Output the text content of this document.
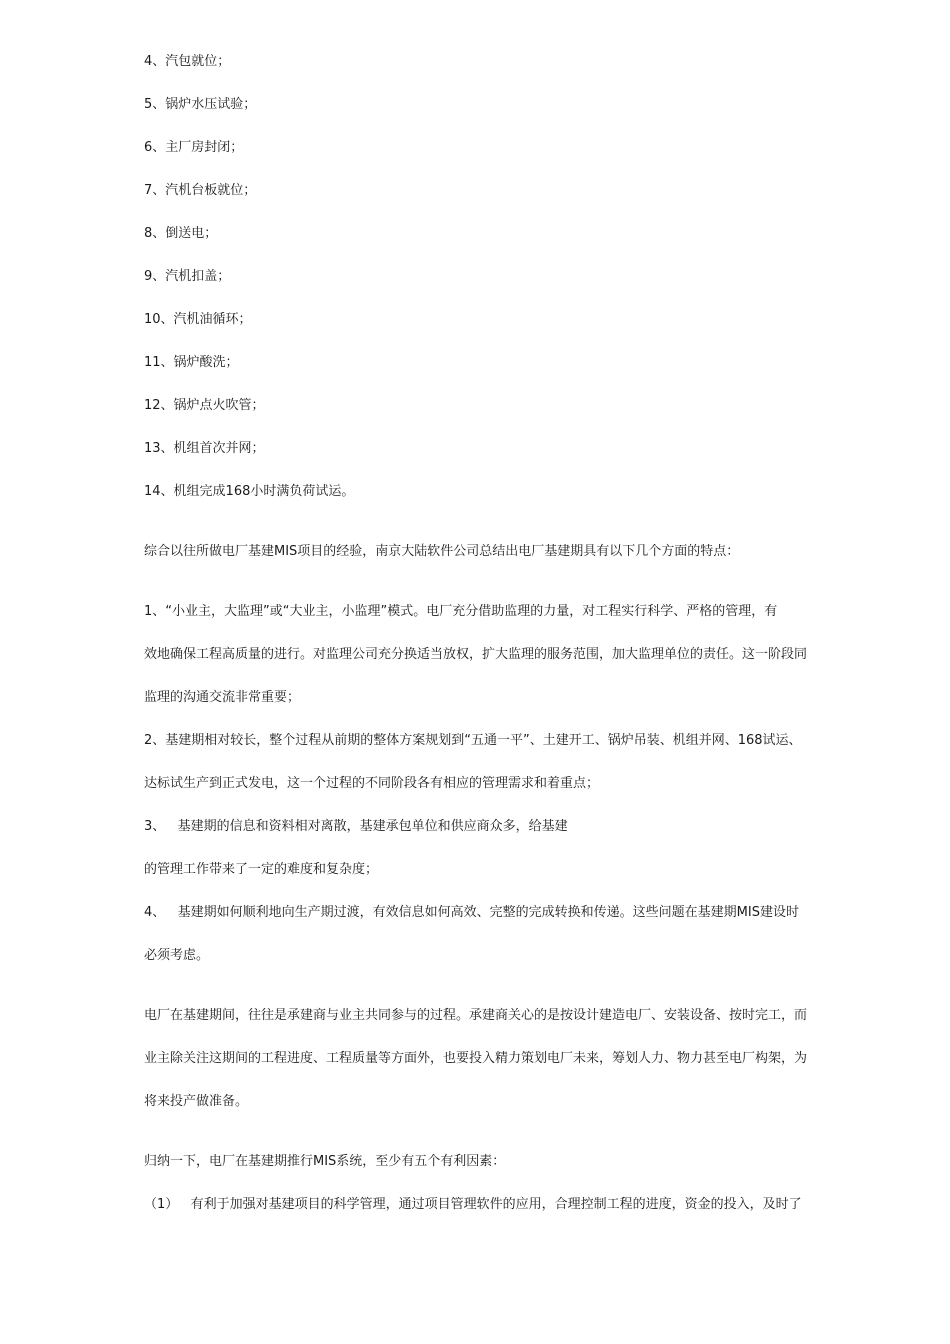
4、汽包就位；
5、锅炉水压试验；
6、主厂房封闭；
7、汽机台板就位；
8、倒送电；
9、汽机扣盖；
10、汽机油循环；
11、锅炉酸洗；
12、锅炉点火吹管；
13、机组首次并网；
14、机组完成168小时满负荷试运。
综合以往所做电厂基建MIS项目的经验，南京大陆软件公司总结出电厂基建期具有以下几个方面的特点：
1、“小业主，大监理”或“大业主，小监理”模式。电厂充分借助监理的力量，对工程实行科学、严格的管理，有
效地确保工程高质量的进行。对监理公司充分换适当放权，扩大监理的服务范围，加大监理单位的责任。这一阶段同
监理的沟通交流非常重要；
2、基建期相对较长，整个过程从前期的整体方案规划到“五通一平”、土建开工、锅炉吊装、机组并网、168试运、
达标试生产到正式发电，这一个过程的不同阶段各有相应的管理需求和着重点；
3、   基建期的信息和资料相对离散，基建承包单位和供应商众多，给基建
的管理工作带来了一定的难度和复杂度；
4、   基建期如何顺利地向生产期过渡，有效信息如何高效、完整的完成转换和传递。这些问题在基建期MIS建设时
必须考虑。
电厂在基建期间，往往是承建商与业主共同参与的过程。承建商关心的是按设计建造电厂、安装设备、按时完工，而
业主除关注这期间的工程进度、工程质量等方面外，也要投入精力策划电厂未来，筹划人力、物力甚至电厂构架，为
将来投产做准备。
归纳一下，电厂在基建期推行MIS系统，至少有五个有利因素：
（1）   有利于加强对基建项目的科学管理，通过项目管理软件的应用，合理控制工程的进度，资金的投入，及时了
